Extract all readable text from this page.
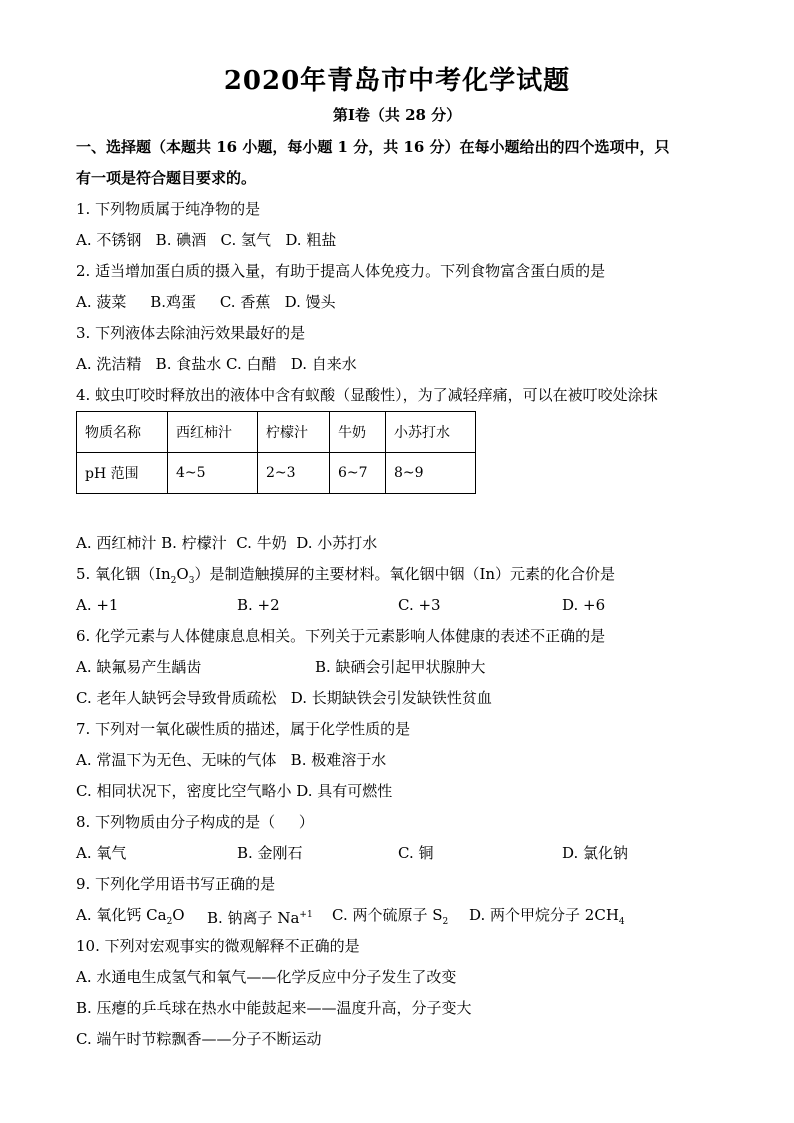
2020年青岛市中考化学试题
第Ⅰ卷（共 28 分）
一、选择题（本题共 16 小题，每小题 1 分，共 16 分）在每小题给出的四个选项中，只
有一项是符合题目要求的。
1. 下列物质属于纯净物的是
A. 不锈钢   B. 碘酒   C. 氢气   D. 粗盐
2. 适当增加蛋白质的摄入量，有助于提高人体免疫力。下列食物富含蛋白质的是
A. 菠菜     B.鸡蛋     C. 香蕉   D. 馒头
3. 下列液体去除油污效果最好的是
A. 洗洁精   B. 食盐水 C. 白醋   D. 自来水
4. 蚊虫叮咬时释放出的液体中含有蚁酸（显酸性），为了减轻痒痛，可以在被叮咬处涂抹
物质名称	西红柿汁	柠檬汁	牛奶	小苏打水
pH 范围	4~5	2~3	6~7	8~9
A. 西红柿汁 B. 柠檬汁  C. 牛奶  D. 小苏打水
5. 氧化铟$(In_2O_3)$是制造触摸屏的主要材料。氧化铟中铟（In）元素的化合价是
A. +1	B. +2	C. +3	D. +6
6. 化学元素与人体健康息息相关。下列关于元素影响人体健康的表述不正确的是
A. 缺氟易产生龋齿	B. 缺硒会引起甲状腺肿大
C. 老年人缺钙会导致骨质疏松   D. 长期缺铁会引发缺铁性贫血
7. 下列对一氧化碳性质的描述，属于化学性质的是
A. 常温下为无色、无味的气体   B. 极难溶于水
C. 相同状况下，密度比空气略小 D. 具有可燃性
8. 下列物质由分子构成的是（     ）
A. 氧气	B. 金刚石	C. 铜	D. 氯化钠
9. 下列化学用语书写正确的是
A. 氧化钙 $Ca_2O$ B. 钠离子 $Na^{+1}$ C. 两个硫原子 $S_2$ D. 两个甲烷分子 $2CH_4$
10. 下列对宏观事实的微观解释不正确的是
A. 水通电生成氢气和氧气——化学反应中分子发生了改变
B. 压瘪的乒乓球在热水中能鼓起来——温度升高，分子变大
C. 端午时节粽飘香——分子不断运动
